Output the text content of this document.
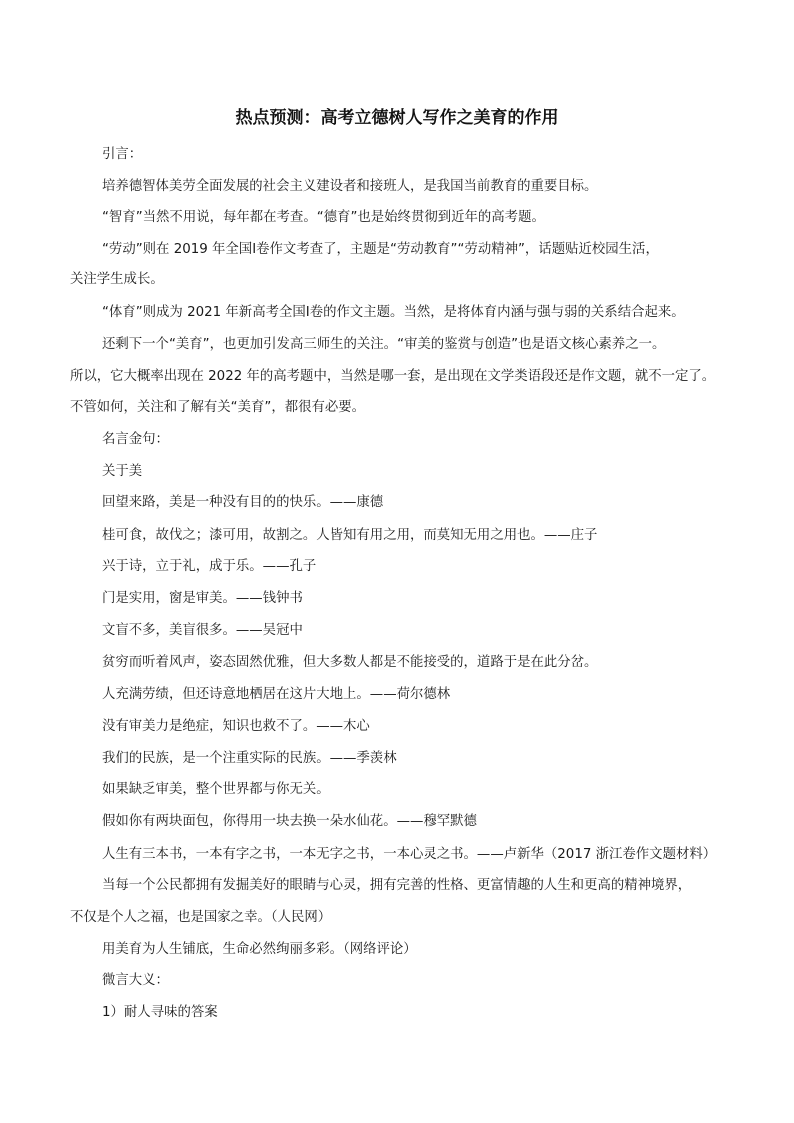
热点预测：高考立德树人写作之美育的作用
引言：
培养德智体美劳全面发展的社会主义建设者和接班人，是我国当前教育的重要目标。
“智育”当然不用说，每年都在考查。“德育”也是始终贯彻到近年的高考题。
“劳动”则在 2019 年全国Ⅰ卷作文考查了，主题是“劳动教育”“劳动精神”，话题贴近校园生活，
关注学生成长。
“体育”则成为 2021 年新高考全国Ⅰ卷的作文主题。当然，是将体育内涵与强与弱的关系结合起来。
还剩下一个“美育”，也更加引发高三师生的关注。“审美的鉴赏与创造”也是语文核心素养之一。
所以，它大概率出现在 2022 年的高考题中，当然是哪一套，是出现在文学类语段还是作文题，就不一定了。
不管如何，关注和了解有关“美育”，都很有必要。
名言金句：
关于美
回望来路，美是一种没有目的的快乐。——康德
桂可食，故伐之；漆可用，故割之。人皆知有用之用，而莫知无用之用也。——庄子
兴于诗，立于礼，成于乐。——孔子
门是实用，窗是审美。——钱钟书
文盲不多，美盲很多。——吴冠中
贫穷而听着风声，姿态固然优雅，但大多数人都是不能接受的，道路于是在此分岔。
人充满劳绩，但还诗意地栖居在这片大地上。——荷尔德林
没有审美力是绝症，知识也救不了。——木心
我们的民族，是一个注重实际的民族。——季羡林
如果缺乏审美，整个世界都与你无关。
假如你有两块面包，你得用一块去换一朵水仙花。——穆罕默德
人生有三本书，一本有字之书，一本无字之书，一本心灵之书。——卢新华（2017 浙江卷作文题材料）
当每一个公民都拥有发掘美好的眼睛与心灵，拥有完善的性格、更富情趣的人生和更高的精神境界，
不仅是个人之福，也是国家之幸。（人民网）
用美育为人生铺底，生命必然绚丽多彩。（网络评论）
微言大义：
1）耐人寻味的答案
